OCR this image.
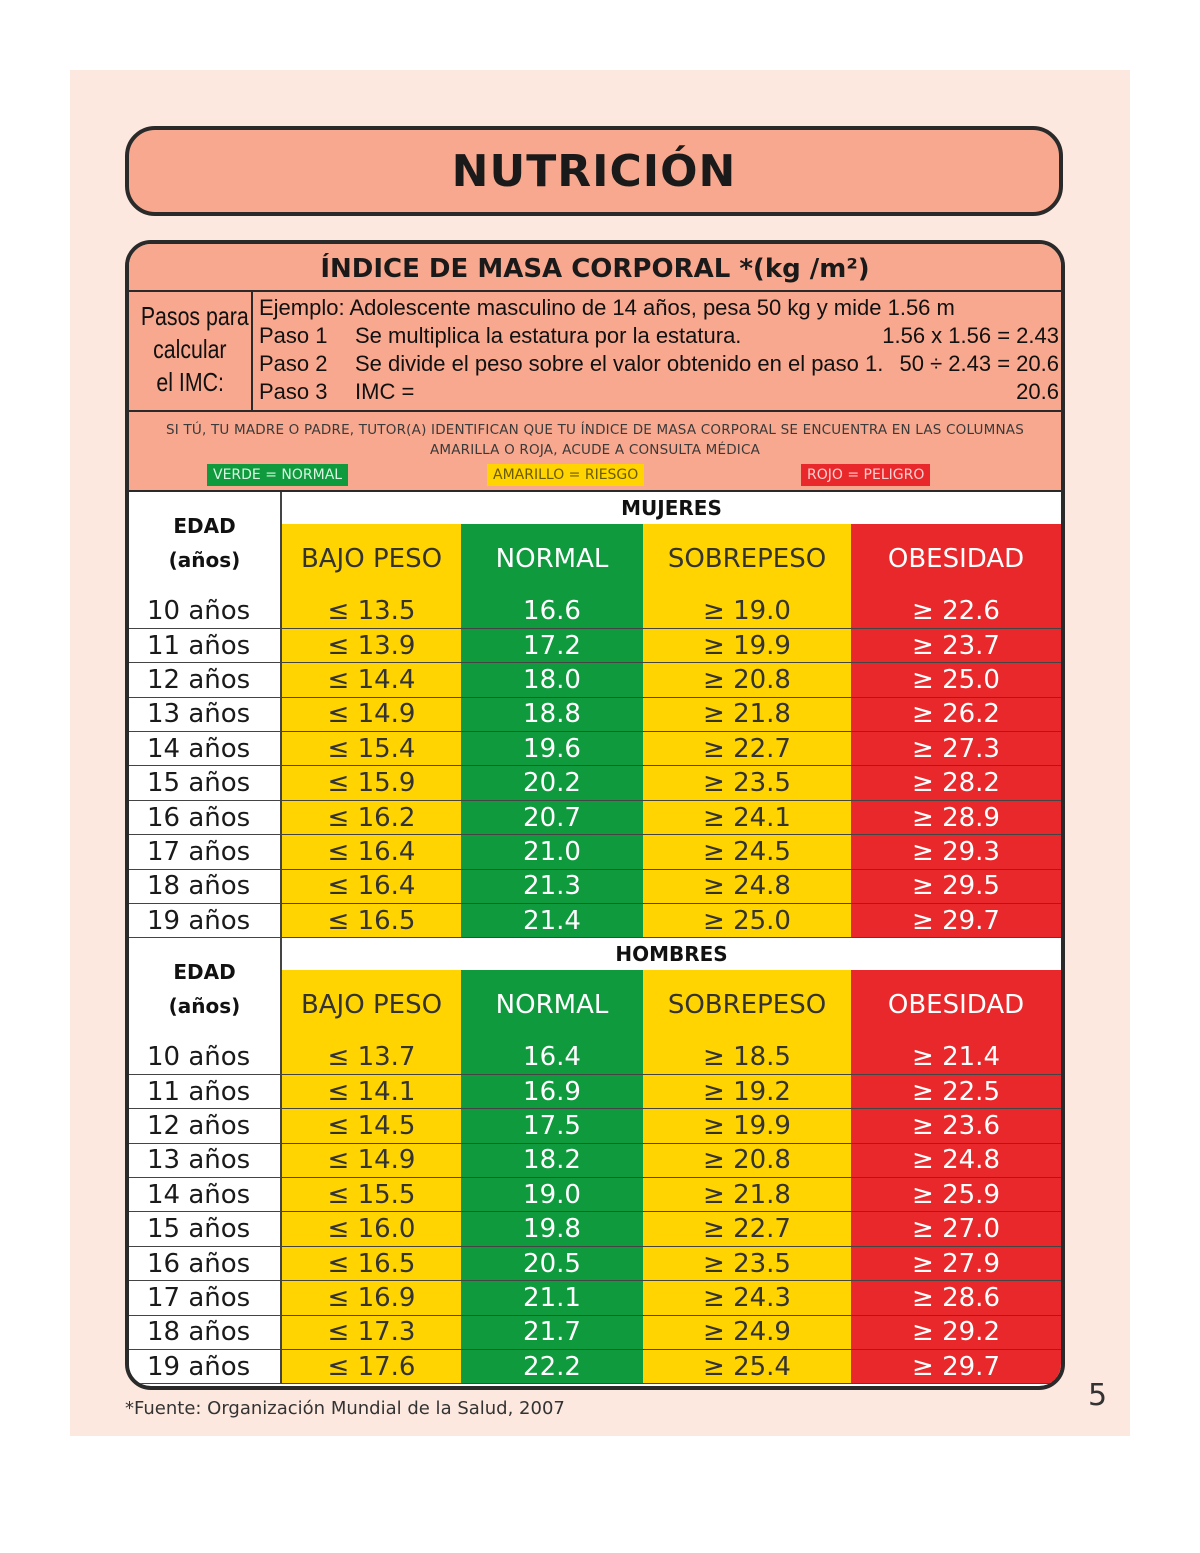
NUTRICIÓN
ÍNDICE DE MASA CORPORAL *(kg /m²)
Pasos para
calcular
el IMC:
Ejemplo: Adolescente masculino de 14 años, pesa 50 kg y mide 1.56 m
Paso 1 Se multiplica la estatura por la estatura.	1.56 x 1.56 = 2.43
Paso 2 Se divide el peso sobre el valor obtenido en el paso 1. 50 ÷ 2.43 = 20.6
Paso 3 IMC =	20.6
SI TÚ, TU MADRE O PADRE, TUTOR(A) IDENTIFICAN QUE TU ÍNDICE DE MASA CORPORAL SE ENCUENTRA EN LAS COLUMNAS
AMARILLA O ROJA, ACUDE A CONSULTA MÉDICA
VERDE = NORMAL	AMARILLO = RIESGO	ROJO = PELIGRO
EDAD
(años)	MUJERES			
	BAJO PESO	NORMAL	SOBREPESO	OBESIDAD
10 años	≤ 13.5	16.6	≥ 19.0	≥ 22.6
11 años	≤ 13.9	17.2	≥ 19.9	≥ 23.7
12 años	≤ 14.4	18.0	≥ 20.8	≥ 25.0
13 años	≤ 14.9	18.8	≥ 21.8	≥ 26.2
14 años	≤ 15.4	19.6	≥ 22.7	≥ 27.3
15 años	≤ 15.9	20.2	≥ 23.5	≥ 28.2
16 años	≤ 16.2	20.7	≥ 24.1	≥ 28.9
17 años	≤ 16.4	21.0	≥ 24.5	≥ 29.3
18 años	≤ 16.4	21.3	≥ 24.8	≥ 29.5
19 años	≤ 16.5	21.4	≥ 25.0	≥ 29.7
EDAD
(años)	HOMBRES			
	BAJO PESO	NORMAL	SOBREPESO	OBESIDAD
10 años	≤ 13.7	16.4	≥ 18.5	≥ 21.4
11 años	≤ 14.1	16.9	≥ 19.2	≥ 22.5
12 años	≤ 14.5	17.5	≥ 19.9	≥ 23.6
13 años	≤ 14.9	18.2	≥ 20.8	≥ 24.8
14 años	≤ 15.5	19.0	≥ 21.8	≥ 25.9
15 años	≤ 16.0	19.8	≥ 22.7	≥ 27.0
16 años	≤ 16.5	20.5	≥ 23.5	≥ 27.9
17 años	≤ 16.9	21.1	≥ 24.3	≥ 28.6
18 años	≤ 17.3	21.7	≥ 24.9	≥ 29.2
19 años	≤ 17.6	22.2	≥ 25.4	≥ 29.7
*Fuente: Organización Mundial de la Salud, 2007	5
